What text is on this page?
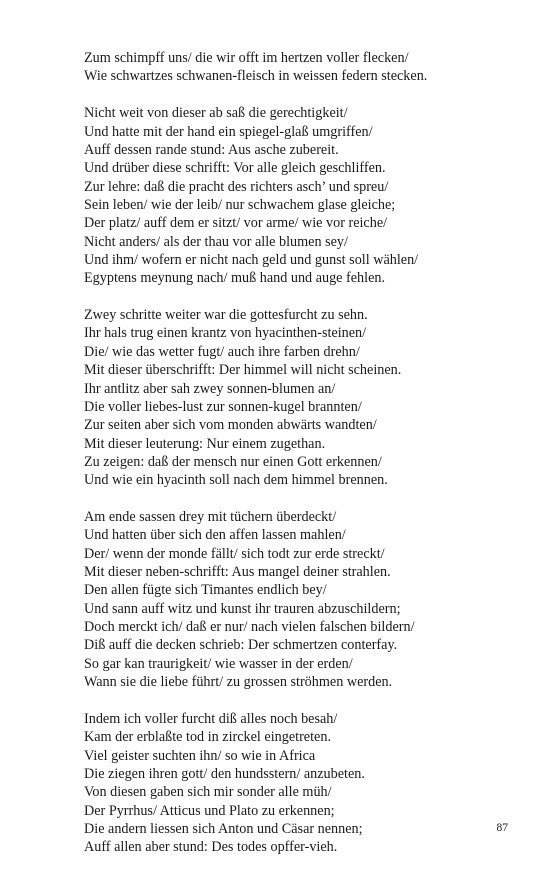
Zum schimpff uns/ die wir offt im hertzen voller flecken/
Wie schwartzes schwanen-fleisch in weissen federn stecken.
Nicht weit von dieser ab saß die gerechtigkeit/
Und hatte mit der hand ein spiegel-glaß umgriffen/
Auff dessen rande stund: Aus asche zubereit.
Und drüber diese schrifft: Vor alle gleich geschliffen.
Zur lehre: daß die pracht des richters asch’ und spreu/
Sein leben/ wie der leib/ nur schwachem glase gleiche;
Der platz/ auff dem er sitzt/ vor arme/ wie vor reiche/
Nicht anders/ als der thau vor alle blumen sey/
Und ihm/ wofern er nicht nach geld und gunst soll wählen/
Egyptens meynung nach/ muß hand und auge fehlen.
Zwey schritte weiter war die gottesfurcht zu sehn.
Ihr hals trug einen krantz von hyacinthen-steinen/
Die/ wie das wetter fugt/ auch ihre farben drehn/
Mit dieser überschrifft: Der himmel will nicht scheinen.
Ihr antlitz aber sah zwey sonnen-blumen an/
Die voller liebes-lust zur sonnen-kugel brannten/
Zur seiten aber sich vom monden abwärts wandten/
Mit dieser leuterung: Nur einem zugethan.
Zu zeigen: daß der mensch nur einen Gott erkennen/
Und wie ein hyacinth soll nach dem himmel brennen.
Am ende sassen drey mit tüchern überdeckt/
Und hatten über sich den affen lassen mahlen/
Der/ wenn der monde fällt/ sich todt zur erde streckt/
Mit dieser neben-schrifft: Aus mangel deiner strahlen.
Den allen fügte sich Timantes endlich bey/
Und sann auff witz und kunst ihr trauren abzuschildern;
Doch merckt ich/ daß er nur/ nach vielen falschen bildern/
Diß auff die decken schrieb: Der schmertzen conterfay.
So gar kan traurigkeit/ wie wasser in der erden/
Wann sie die liebe führt/ zu grossen ströhmen werden.
Indem ich voller furcht diß alles noch besah/
Kam der erblaßte tod in zirckel eingetreten.
Viel geister suchten ihn/ so wie in Africa
Die ziegen ihren gott/ den hundsstern/ anzubeten.
Von diesen gaben sich mir sonder alle müh/
Der Pyrrhus/ Atticus und Plato zu erkennen;
Die andern liessen sich Anton und Cäsar nennen;
Auff allen aber stund: Des todes opffer-vieh.
87
